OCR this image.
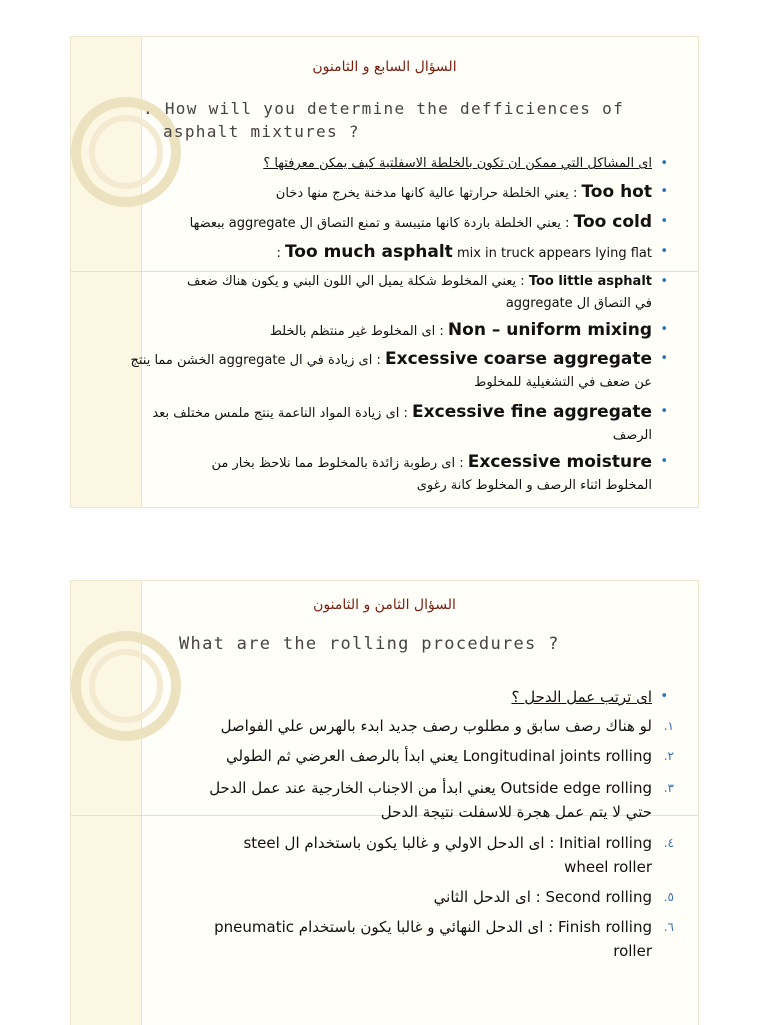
السؤال السابع و الثامنون
. How will you determine the defficiences of
asphalt mixtures ?
•
اى المشاكل التي ممكن ان تكون بالخلطة الاسفلتية كيف يمكن معرفتها ؟
•
Too hot : يعني الخلطة حرارتها عالية كانها مدخنة يخرج منها دخان
•
Too cold : يعني الخلطة باردة كانها متيبسة و تمنع التصاق ال aggregate ببعضها
•
Too much asphalt mix in truck appears lying flat :
•
Too little asphalt : يعني المخلوط شكلة يميل الي اللون البني و يكون هناك ضعف
في التصاق ال aggregate
•
Non – uniform mixing : اى المخلوط غير منتظم بالخلط
•
Excessive coarse aggregate : اى زيادة في ال aggregate الخشن مما ينتج
عن ضعف في التشغيلية للمخلوط
•
Excessive fine aggregate : اى زيادة المواد الناعمة ينتج ملمس مختلف بعد
الرصف
•
Excessive moisture : اى رطوبة زائدة بالمخلوط مما نلاحظ بخار من
المخلوط اثناء الرصف و المخلوط كانة رغوى
السؤال الثامن و الثامنون
What are the rolling procedures ?
•
اى ترتب عمل الدحل ؟
١.
لو هناك رصف سابق و مطلوب رصف جديد ابدء بالهرس علي الفواصل
٢.
Longitudinal joints rolling يعني ابدأ بالرصف العرضي ثم الطولي
٣.
Outside edge rolling يعني ابدأ من الاجناب الخارجية عند عمل الدحل
حتي لا يتم عمل هجرة للاسفلت نتيجة الدحل
٤.
Initial rolling : اى الدحل الاولي و غالبا يكون باستخدام ال steel
wheel roller
٥.
Second rolling : اى الدحل الثاني
٦.
Finish rolling : اى الدحل النهائي و غالبا يكون باستخدام pneumatic
roller
